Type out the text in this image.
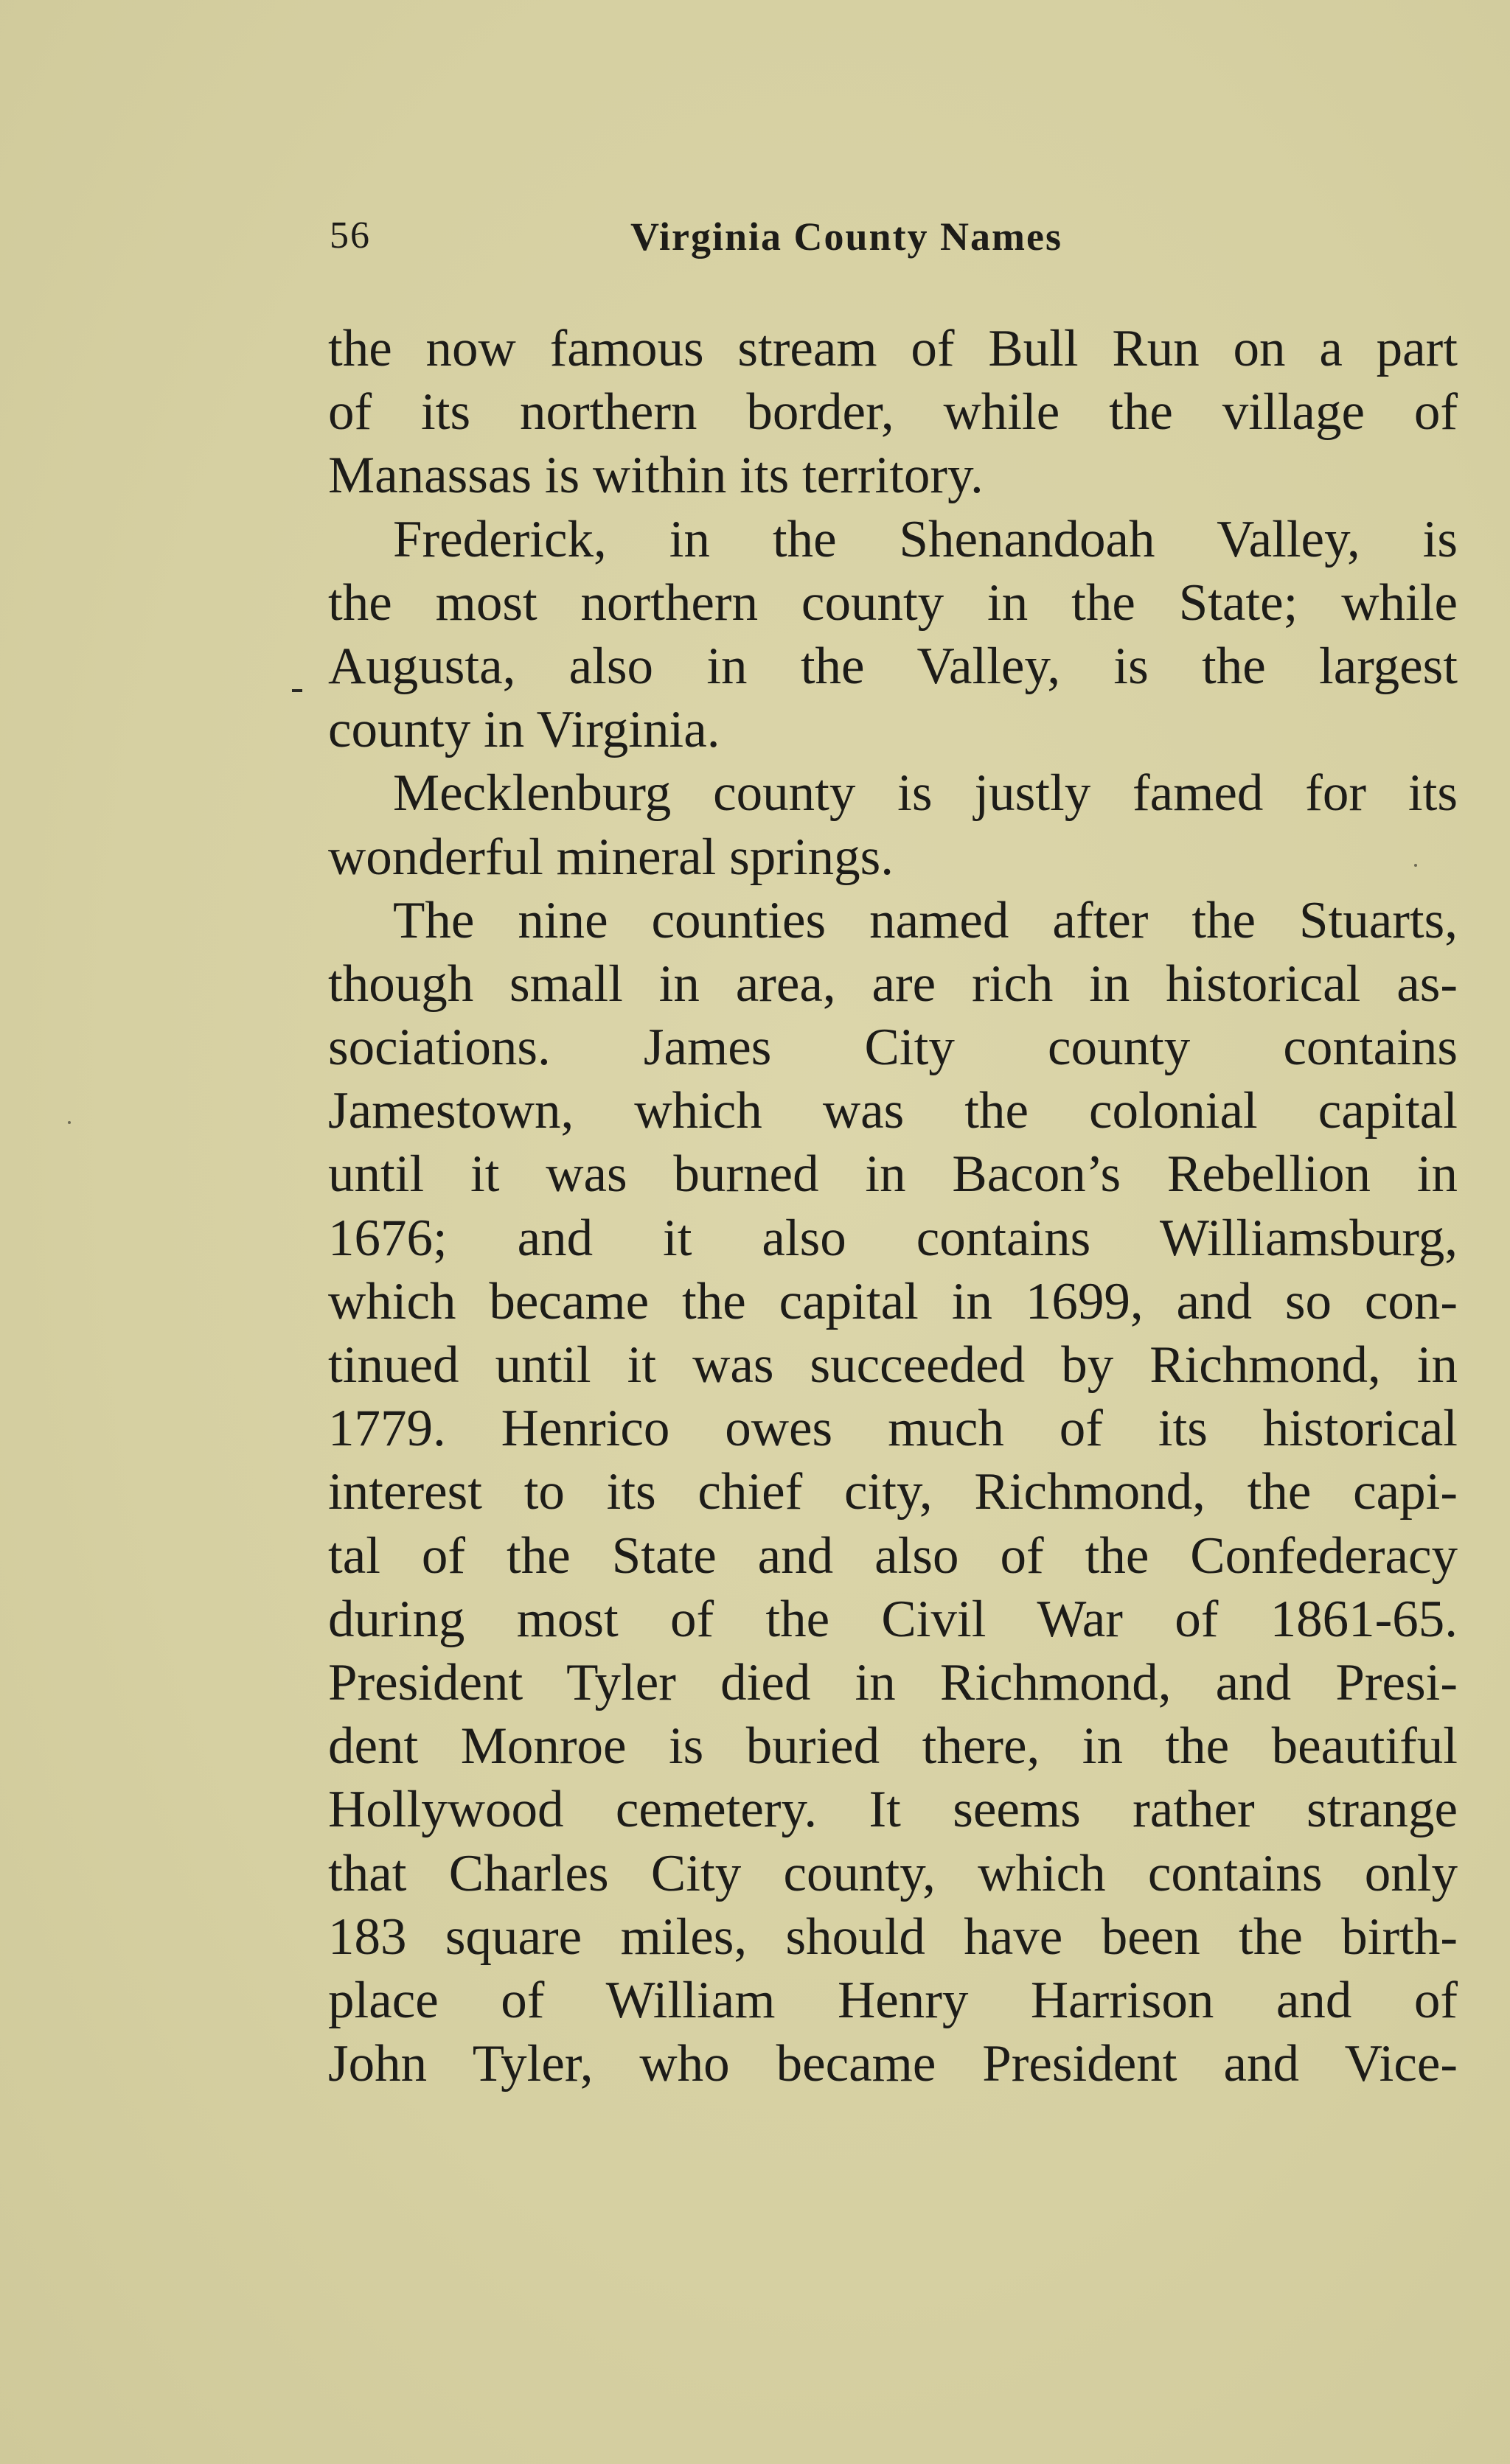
56	Virginia County Names
the now famous stream of Bull Run on a part
of its northern border, while the village of
Manassas is within its territory.
Frederick, in the Shenandoah Valley, is
the most northern county in the State; while
Augusta, also in the Valley, is the largest
county in Virginia.
Mecklenburg county is justly famed for its
wonderful mineral springs.
The nine counties named after the Stuarts,
though small in area, are rich in historical as-
sociations. James City county contains
Jamestown, which was the colonial capital
until it was burned in Bacon’s Rebellion in
1676; and it also contains Williamsburg,
which became the capital in 1699, and so con-
tinued until it was succeeded by Richmond, in
1779. Henrico owes much of its historical
interest to its chief city, Richmond, the capi-
tal of the State and also of the Confederacy
during most of the Civil War of 1861-65.
President Tyler died in Richmond, and Presi-
dent Monroe is buried there, in the beautiful
Hollywood cemetery. It seems rather strange
that Charles City county, which contains only
183 square miles, should have been the birth-
place of William Henry Harrison and of
John Tyler, who became President and Vice-
